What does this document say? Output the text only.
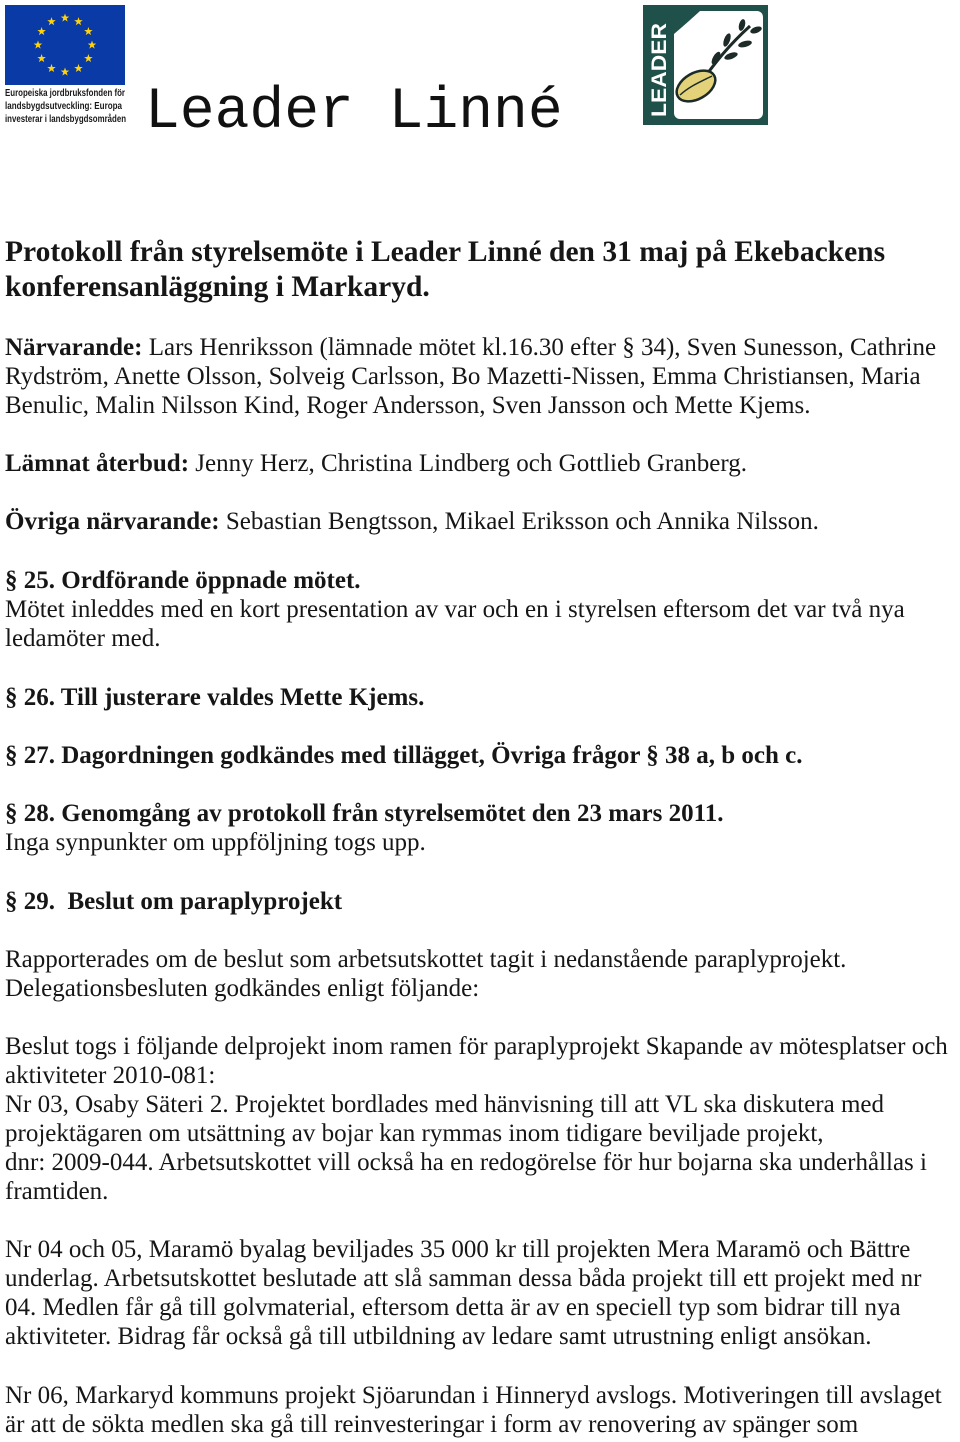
Europeiska jordbruksfonden för
landsbygdsutveckling: Europa
investerar i landsbygdsområden
LEADER
Leader Linné
Protokoll från styrelsemöte i Leader Linné den 31 maj på Ekebackens
konferensanläggning i Markaryd.
Närvarande: Lars Henriksson (lämnade mötet kl.16.30 efter § 34), Sven Sunesson, Cathrine
Rydström, Anette Olsson, Solveig Carlsson, Bo Mazetti-Nissen, Emma Christiansen, Maria
Benulic, Malin Nilsson Kind, Roger Andersson, Sven Jansson och Mette Kjems.
Lämnat återbud: Jenny Herz, Christina Lindberg och Gottlieb Granberg.
Övriga närvarande: Sebastian Bengtsson, Mikael Eriksson och Annika Nilsson.
§ 25. Ordförande öppnade mötet.
Mötet inleddes med en kort presentation av var och en i styrelsen eftersom det var två nya
ledamöter med.
§ 26. Till justerare valdes Mette Kjems.
§ 27. Dagordningen godkändes med tillägget, Övriga frågor § 38 a, b och c.
§ 28. Genomgång av protokoll från styrelsemötet den 23 mars 2011.
Inga synpunkter om uppföljning togs upp.
§ 29.  Beslut om paraplyprojekt
Rapporterades om de beslut som arbetsutskottet tagit i nedanstående paraplyprojekt.
Delegationsbesluten godkändes enligt följande:
Beslut togs i följande delprojekt inom ramen för paraplyprojekt Skapande av mötesplatser och
aktiviteter 2010-081:
Nr 03, Osaby Säteri 2. Projektet bordlades med hänvisning till att VL ska diskutera med
projektägaren om utsättning av bojar kan rymmas inom tidigare beviljade projekt,
dnr: 2009-044. Arbetsutskottet vill också ha en redogörelse för hur bojarna ska underhållas i
framtiden.
Nr 04 och 05, Maramö byalag beviljades 35 000 kr till projekten Mera Maramö och Bättre
underlag. Arbetsutskottet beslutade att slå samman dessa båda projekt till ett projekt med nr
04. Medlen får gå till golvmaterial, eftersom detta är av en speciell typ som bidrar till nya
aktiviteter. Bidrag får också gå till utbildning av ledare samt utrustning enligt ansökan.
Nr 06, Markaryd kommuns projekt Sjöarundan i Hinneryd avslogs. Motiveringen till avslaget
är att de sökta medlen ska gå till reinvesteringar i form av renovering av spänger som
